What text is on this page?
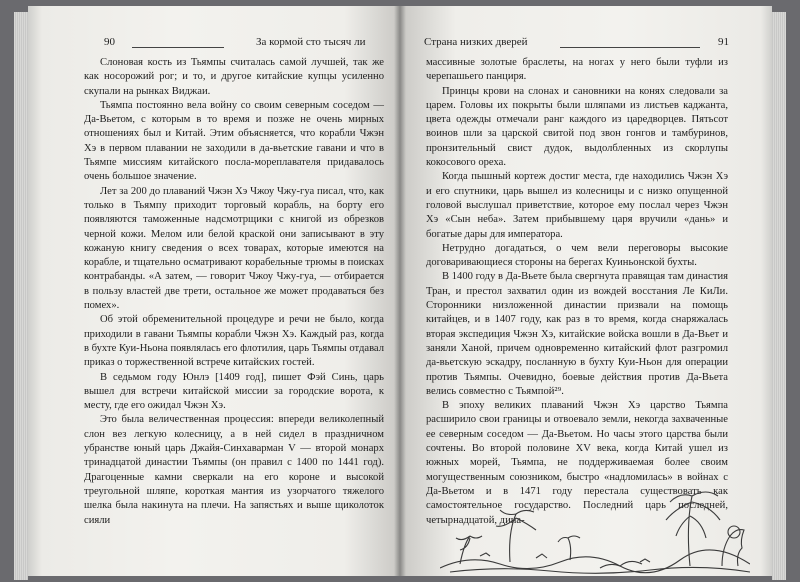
90	За кормой сто тысяч ли

Слоновая кость из Тьямпы считалась самой лучшей, так же как носорожий рог; и то, и другое китайские купцы усиленно скупали на рынках Виджаи.

Тьямпа постоянно вела войну со своим северным соседом — Да-Вьетом, с которым в то время и позже не очень мирных отношениях был и Китай. Этим объясняется, что корабли Чжэн Хэ в первом плавании не заходили в да-вьетские гавани и что в Тьямпе миссиям китайского посла-мореплавателя придавалось очень большое значение.

Лет за 200 до плаваний Чжэн Хэ Чжоу Чжу-гуа писал, что, как только в Тьямпу приходит торговый корабль, на борту его появляются таможенные надсмотрщики с книгой из обрезков черной кожи. Мелом или белой краской они записывают в эту кожаную книгу сведения о всех товарах, которые имеются на корабле, и тщательно осматривают корабельные трюмы в поисках контрабанды. «А затем, — говорит Чжоу Чжу-гуа, — отбирается в пользу властей две трети, остальное же может продаваться без помех».

Об этой обременительной процедуре и речи не было, когда приходили в гавани Тьямпы корабли Чжэн Хэ. Каждый раз, когда в бухте Куи-Ньона появлялась его флотилия, царь Тьямпы отдавал приказ о торжественной встрече китайских гостей.

В седьмом году Юнлэ [1409 год], пишет Фэй Синь, царь вышел для встречи китайской миссии за городские ворота, к месту, где его ожидал Чжэн Хэ.

Это была величественная процессия: впереди великолепный слон вез легкую колесницу, а в ней сидел в праздничном убранстве юный царь Джайя-Синхаварман V — второй монарх тринадцатой династии Тьямпы (он правил с 1400 по 1441 год). Драгоценные камни сверкали на его короне и высокой треугольной шляпе, короткая мантия из узорчатого тяжелого шелка была накинута на плечи. На запястьях и выше щиколоток сияли

Страна низких дверей	91

массивные золотые браслеты, на ногах у него были туфли из черепашьего панциря.

Принцы крови на слонах и сановники на конях следовали за царем. Головы их покрыты были шляпами из листьев каджанта, цвета одежды отмечали ранг каждого из царедворцев. Пятьсот воинов шли за царской свитой под звон гонгов и тамбуринов, пронзительный свист дудок, выдолбленных из скорлупы кокосового ореха.

Когда пышный кортеж достиг места, где находились Чжэн Хэ и его спутники, царь вышел из колесницы и с низко опущенной головой выслушал приветствие, которое ему послал через Чжэн Хэ «Сын неба». Затем прибывшему царя вручили «дань» и богатые дары для императора.

Нетрудно догадаться, о чем вели переговоры высокие договаривающиеся стороны на берегах Куиньонской бухты.

В 1400 году в Да-Вьете была свергнута правящая там династия Тран, и престол захватил один из вождей восстания Ле КиЛи. Сторонники низложенной династии призвали на помощь китайцев, и в 1407 году, как раз в то время, когда снаряжалась вторая экспедиция Чжэн Хэ, китайские войска вошли в Да-Вьет и заняли Ханой, причем одновременно китайский флот разгромил да-вьетскую эскадру, посланную в бухту Куи-Ньон для операции против Тьямпы. Очевидно, боевые действия против Да-Вьета велись совместно с Тьямпой²⁹.

В эпоху великих плаваний Чжэн Хэ царство Тьямпа расширило свои границы и отвоевало земли, некогда захваченные ее северным соседом — Да-Вьетом. Но часы этого царства были сочтены. Во второй половине XV века, когда Китай ушел из южных морей, Тьямпа, не поддерживаемая более своим могущественным союзником, быстро «надломилась» в войнах с Да-Вьетом и в 1471 году перестала существовать как самостоятельное государство. Последний царь последней, четырнадцатой, дина-
